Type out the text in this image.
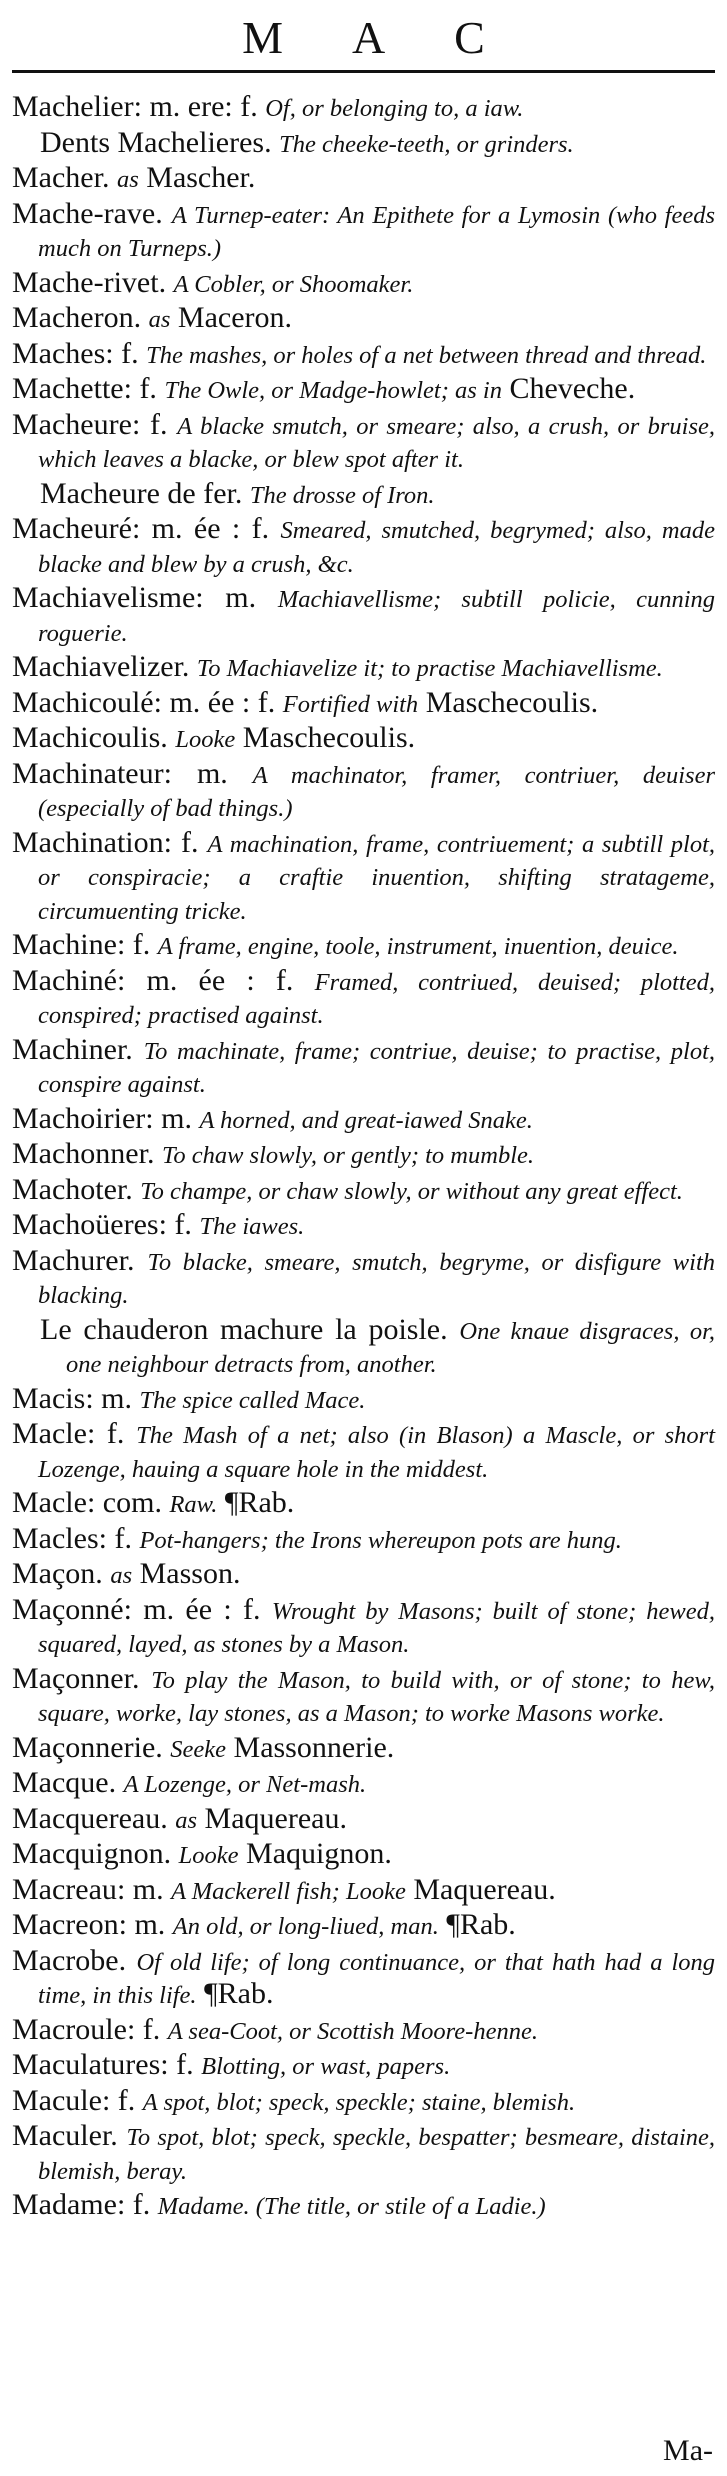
M A C
Machelier: m. ere: f. Of, or belonging to, a iaw.
Dents Machelieres. The cheeke-teeth, or grinders.
Macher. as Mascher.
Mache-rave. A Turnep-eater: An Epithete for a Lymosin (who feeds much on Turneps.)
Mache-rivet. A Cobler, or Shoomaker.
Macheron. as Maceron.
Maches: f. The mashes, or holes of a net between thread and thread.
Machette: f. The Owle, or Madge-howlet; as in Cheveche.
Macheure: f. A blacke smutch, or smeare; also, a crush, or bruise, which leaves a blacke, or blew spot after it.
Macheure de fer. The drosse of Iron.
Macheuré: m. ée : f. Smeared, smutched, begrymed; also, made blacke and blew by a crush, &c.
Machiavelisme: m. Machiavellisme; subtill policie, cunning roguerie.
Machiavelizer. To Machiavelize it; to practise Machiavellisme.
Machicoulé: m. ée : f. Fortified with Maschecoulis.
Machicoulis. Looke Maschecoulis.
Machinateur: m. A machinator, framer, contriuer, deuiser (especially of bad things.)
Machination: f. A machination, frame, contriuement; a subtill plot, or conspiracie; a craftie inuention, shifting stratageme, circumuenting tricke.
Machine: f. A frame, engine, toole, instrument, inuention, deuice.
Machiné: m. ée : f. Framed, contriued, deuised; plotted, conspired; practised against.
Machiner. To machinate, frame; contriue, deuise; to practise, plot, conspire against.
Machoirier: m. A horned, and great-iawed Snake.
Machonner. To chaw slowly, or gently; to mumble.
Machoter. To champe, or chaw slowly, or without any great effect.
Machoüeres: f. The iawes.
Machurer. To blacke, smeare, smutch, begryme, or disfigure with blacking.
Le chauderon machure la poisle. One knaue disgraces, or, one neighbour detracts from, another.
Macis: m. The spice called Mace.
Macle: f. The Mash of a net; also (in Blason) a Mascle, or short Lozenge, hauing a square hole in the middest.
Macle: com. Raw. ¶Rab.
Macles: f. Pot-hangers; the Irons whereupon pots are hung.
Maçon. as Masson.
Maçonné: m. ée : f. Wrought by Masons; built of stone; hewed, squared, layed, as stones by a Mason.
Maçonner. To play the Mason, to build with, or of stone; to hew, square, worke, lay stones, as a Mason; to worke Masons worke.
Maçonnerie. Seeke Massonnerie.
Macque. A Lozenge, or Net-mash.
Macquereau. as Maquereau.
Macquignon. Looke Maquignon.
Macreau: m. A Mackerell fish; Looke Maquereau.
Macreon: m. An old, or long-liued, man. ¶Rab.
Macrobe. Of old life; of long continuance, or that hath had a long time, in this life. ¶Rab.
Macroule: f. A sea-Coot, or Scottish Moore-henne.
Maculatures: f. Blotting, or wast, papers.
Macule: f. A spot, blot; speck, speckle; staine, blemish.
Maculer. To spot, blot; speck, speckle, bespatter; besmeare, distaine, blemish, beray.
Madame: f. Madame. (The title, or stile of a Ladie.)
Ma-
